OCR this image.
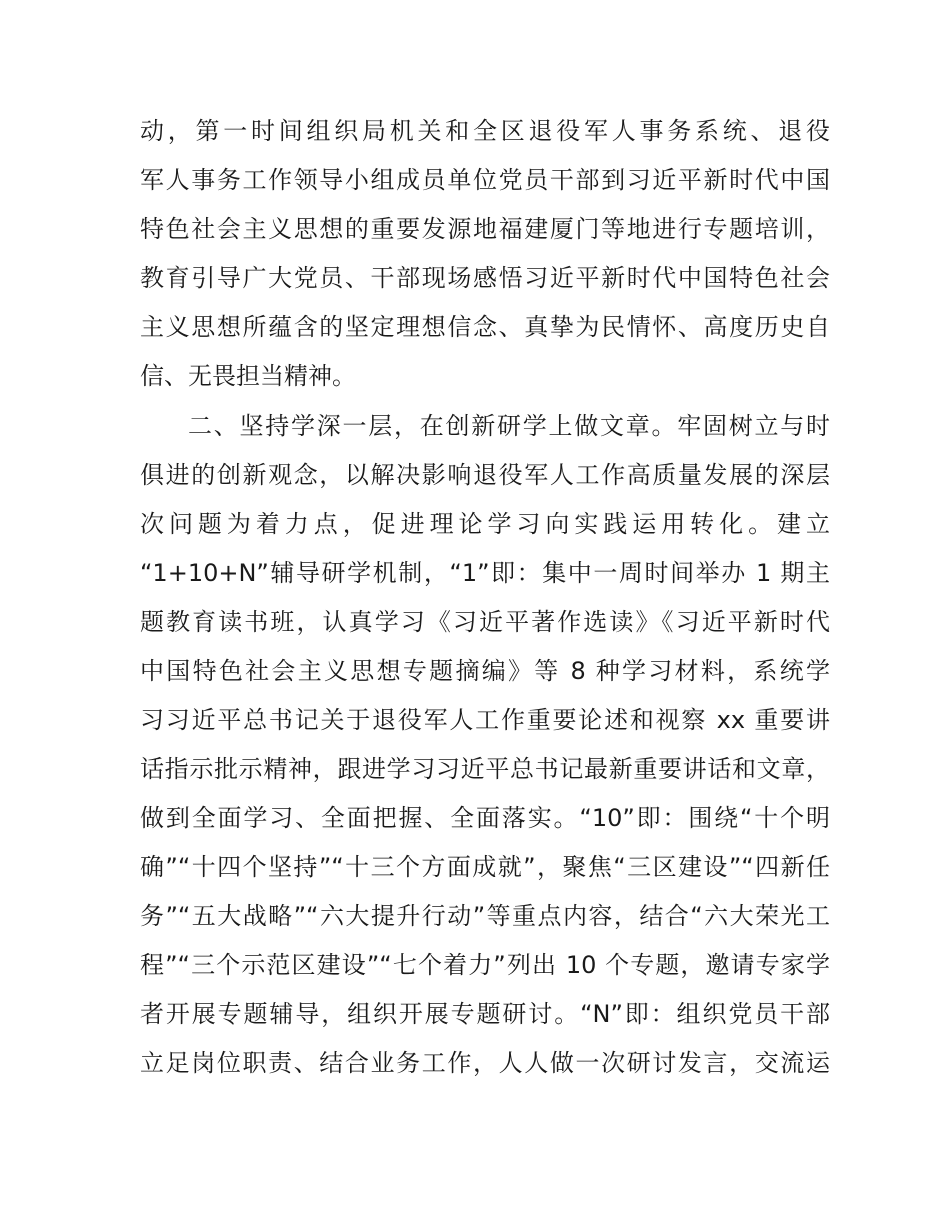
动，第一时间组织局机关和全区退役军人事务系统、退役
军人事务工作领导小组成员单位党员干部到习近平新时代中国
特色社会主义思想的重要发源地福建厦门等地进行专题培训，
教育引导广大党员、干部现场感悟习近平新时代中国特色社会
主义思想所蕴含的坚定理想信念、真挚为民情怀、高度历史自
信、无畏担当精神。
二、坚持学深一层，在创新研学上做文章。牢固树立与时
俱进的创新观念，以解决影响退役军人工作高质量发展的深层
次问题为着力点，促进理论学习向实践运用转化。建立
“1+10+N”辅导研学机制，“1”即：集中一周时间举办 1 期主
题教育读书班，认真学习《习近平著作选读》《习近平新时代
中国特色社会主义思想专题摘编》等 8 种学习材料，系统学
习习近平总书记关于退役军人工作重要论述和视察 xx 重要讲
话指示批示精神，跟进学习习近平总书记最新重要讲话和文章，
做到全面学习、全面把握、全面落实。“10”即：围绕“十个明
确”“十四个坚持”“十三个方面成就”，聚焦“三区建设”“四新任
务”“五大战略”“六大提升行动”等重点内容，结合“六大荣光工
程”“三个示范区建设”“七个着力”列出 10 个专题，邀请专家学
者开展专题辅导，组织开展专题研讨。“N”即：组织党员干部
立足岗位职责、结合业务工作，人人做一次研讨发言，交流运
